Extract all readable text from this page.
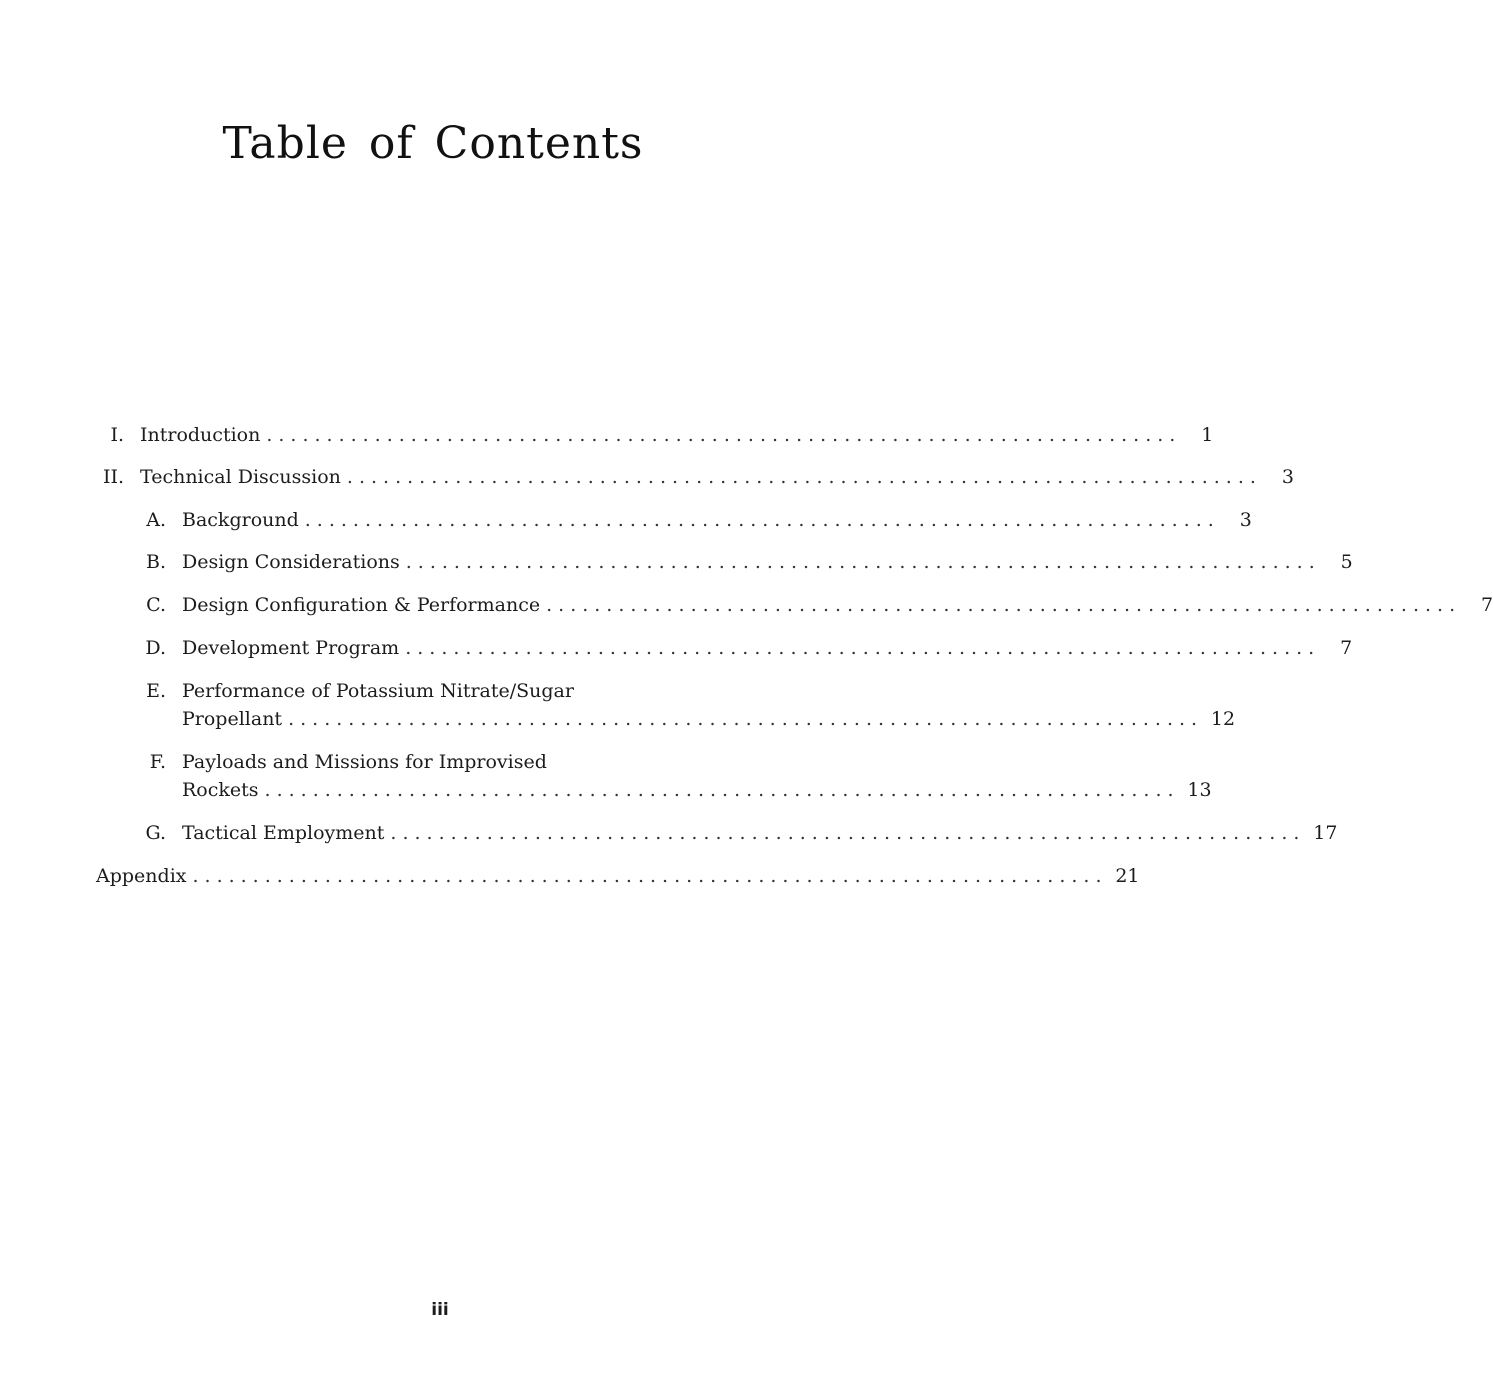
Table of Contents
I. Introduction ............................................................................	1
II. Technical Discussion ............................................................................	3
A. Background ............................................................................	3
B. Design Considerations ............................................................................	5
C. Design Configuration & Performance ............................................................................	7
D. Development Program ............................................................................	7
E. Performance of Potassium Nitrate/Sugar
Propellant ............................................................................ 12
F. Payloads and Missions for Improvised
Rockets ............................................................................ 13
G. Tactical Employment ............................................................................ 17
Appendix ............................................................................ 21
iii
